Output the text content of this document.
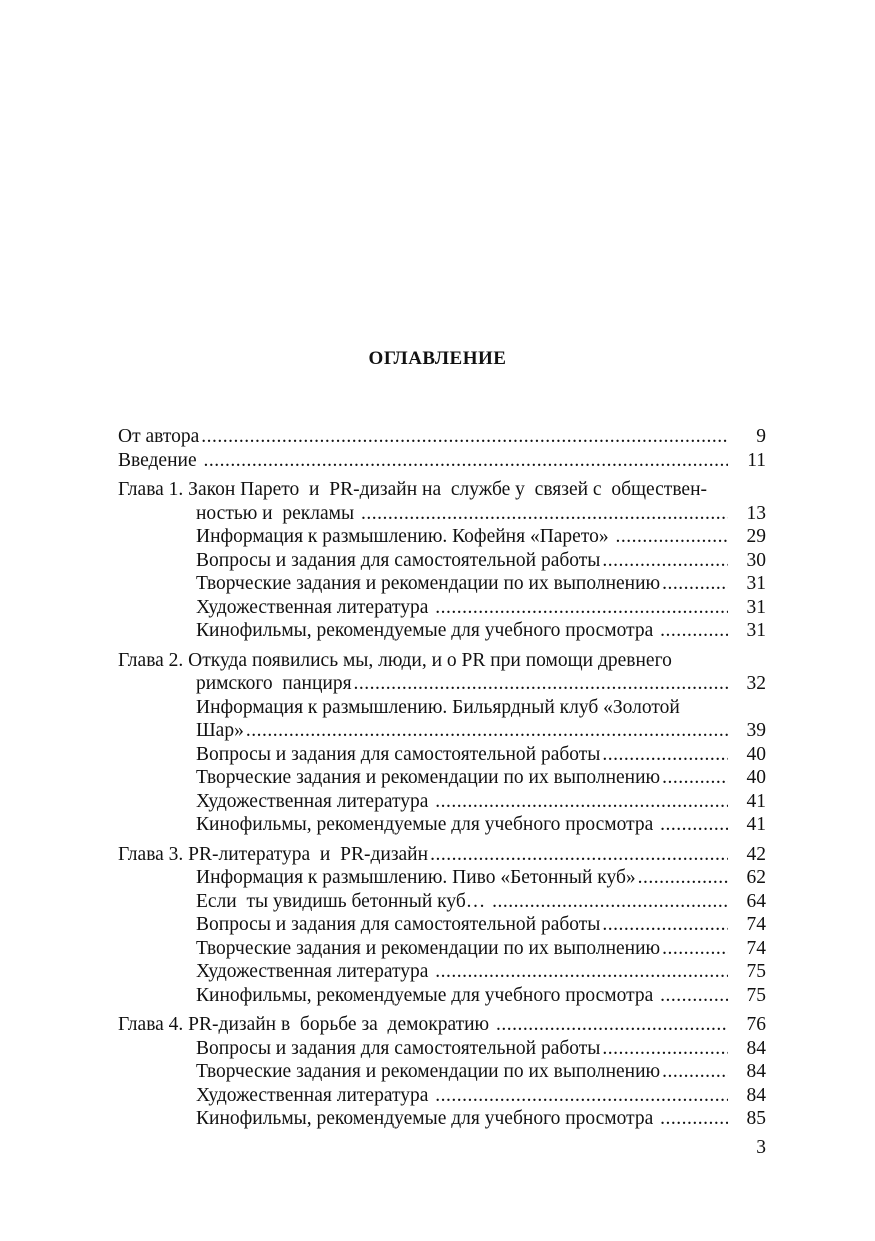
ОГЛАВЛЕНИЕ
От автора .....	9
Введение .....	11
Глава 1. Закон Парето  и  PR-дизайн на  службе у  связей с  обществен-
ностью и  рекламы .....	13
Информация к размышлению. Кофейня «Парето» .....	29
Вопросы и задания для самостоятельной работы .....	30
Творческие задания и рекомендации по их выполнению .....	31
Художественная литература .....	31
Кинофильмы, рекомендуемые для учебного просмотра .....	31
Глава 2. Откуда появились мы, люди, и о PR при помощи древнего
римского  панциря .....	32
Информация к размышлению. Бильярдный клуб «Золотой
Шар» .....	39
Вопросы и задания для самостоятельной работы .....	40
Творческие задания и рекомендации по их выполнению .....	40
Художественная литература .....	41
Кинофильмы, рекомендуемые для учебного просмотра .....	41
Глава 3. PR-литература  и  PR-дизайн .....	42
Информация к размышлению. Пиво «Бетонный куб» .....	62
Если  ты увидишь бетонный куб… .....	64
Вопросы и задания для самостоятельной работы .....	74
Творческие задания и рекомендации по их выполнению .....	74
Художественная литература .....	75
Кинофильмы, рекомендуемые для учебного просмотра .....	75
Глава 4. PR-дизайн в  борьбе за  демократию .....	76
Вопросы и задания для самостоятельной работы .....	84
Творческие задания и рекомендации по их выполнению .....	84
Художественная литература .....	84
Кинофильмы, рекомендуемые для учебного просмотра .....	85
3
